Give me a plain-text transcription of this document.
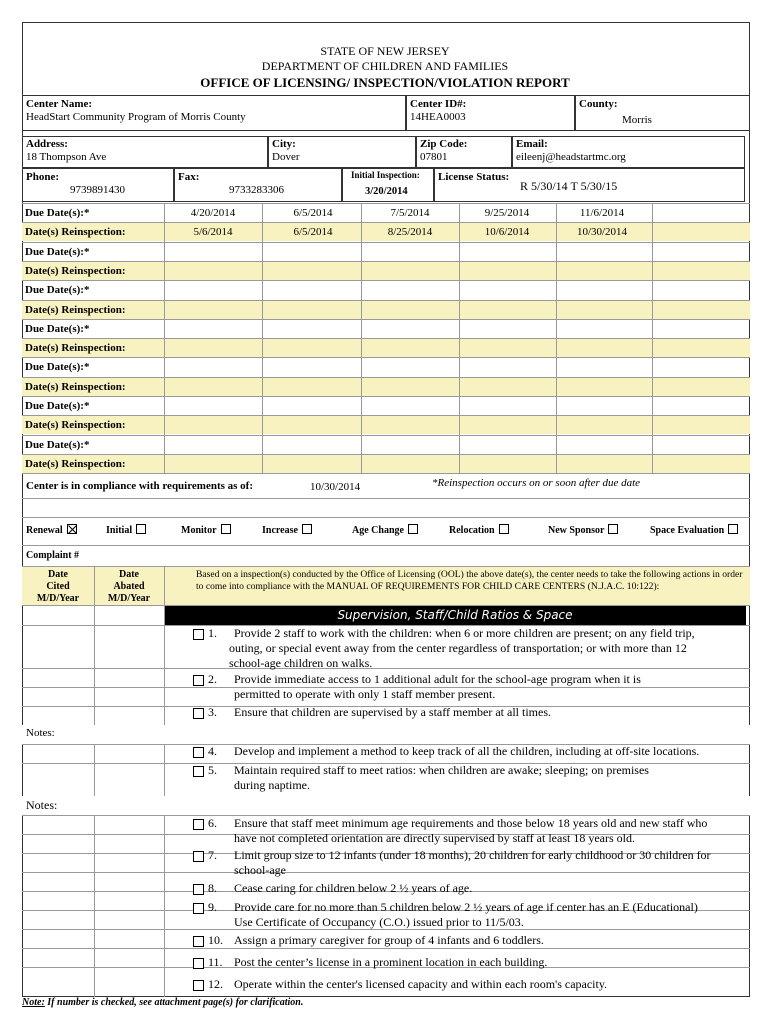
STATE OF NEW JERSEY
DEPARTMENT OF CHILDREN AND FAMILIES
OFFICE OF LICENSING/ INSPECTION/VIOLATION REPORT
Center Name:
HeadStart Community Program of Morris County
Center ID#:
14HEA0003
County:
Morris
Address:
18 Thompson Ave
City:
Dover
Zip Code:
07801
Email:
eileenj@headstartmc.org
Phone:
9739891430
Fax:
9733283306
Initial Inspection:
3/20/2014
License Status:
R 5/30/14 T 5/30/15
Due Date(s):*	4/20/2014	6/5/2014	7/5/2014	9/25/2014	11/6/2014
Date(s) Reinspection:	5/6/2014	6/5/2014	8/25/2014	10/6/2014	10/30/2014
Due Date(s):*
Date(s) Reinspection:
Due Date(s):*
Date(s) Reinspection:
Due Date(s):*
Date(s) Reinspection:
Due Date(s):*
Date(s) Reinspection:
Due Date(s):*
Date(s) Reinspection:
Due Date(s):*
Date(s) Reinspection:
Center is in compliance with requirements as of:	10/30/2014	*Reinspection occurs on or soon after due date
Renewal	Initial	Monitor	Increase	Age Change	Relocation	New Sponsor	Space Evaluation
Complaint #
Date
Cited
M/D/Year
Date
Abated
M/D/Year
Based on a inspection(s) conducted by the Office of Licensing (OOL) the above date(s), the center needs to take the following actions in order to come into compliance with the MANUAL OF REQUIREMENTS FOR CHILD CARE CENTERS (N.J.A.C. 10:122):
Supervision, Staff/Child Ratios & Space
Notes:
Notes:
1. Provide 2 staff to work with the children: when 6 or more children are present; on any field trip,
outing, or special event away from the center regardless of transportation; or with more than 12
school-age children on walks.
2. Provide immediate access to 1 additional adult for the school-age program when it is
permitted to operate with only 1 staff member present.
3. Ensure that children are supervised by a staff member at all times.
4. Develop and implement a method to keep track of all the children, including at off-site locations.
5. Maintain required staff to meet ratios: when children are awake; sleeping; on premises
during naptime.
6. Ensure that staff meet minimum age requirements and those below 18 years old and new staff who
have not completed orientation are directly supervised by staff at least 18 years old.
7. Limit group size to 12 infants (under 18 months), 20 children for early childhood or 30 children for
school-age
8. Cease caring for children below 2 ½ years of age.
9. Provide care for no more than 5 children below 2 ½ years of age if center has an E (Educational)
Use Certificate of Occupancy (C.O.) issued prior to 11/5/03.
10. Assign a primary caregiver for group of 4 infants and 6 toddlers.
11. Post the center’s license in a prominent location in each building.
12. Operate within the center's licensed capacity and within each room's capacity.
Note: If number is checked, see attachment page(s) for clarification.
